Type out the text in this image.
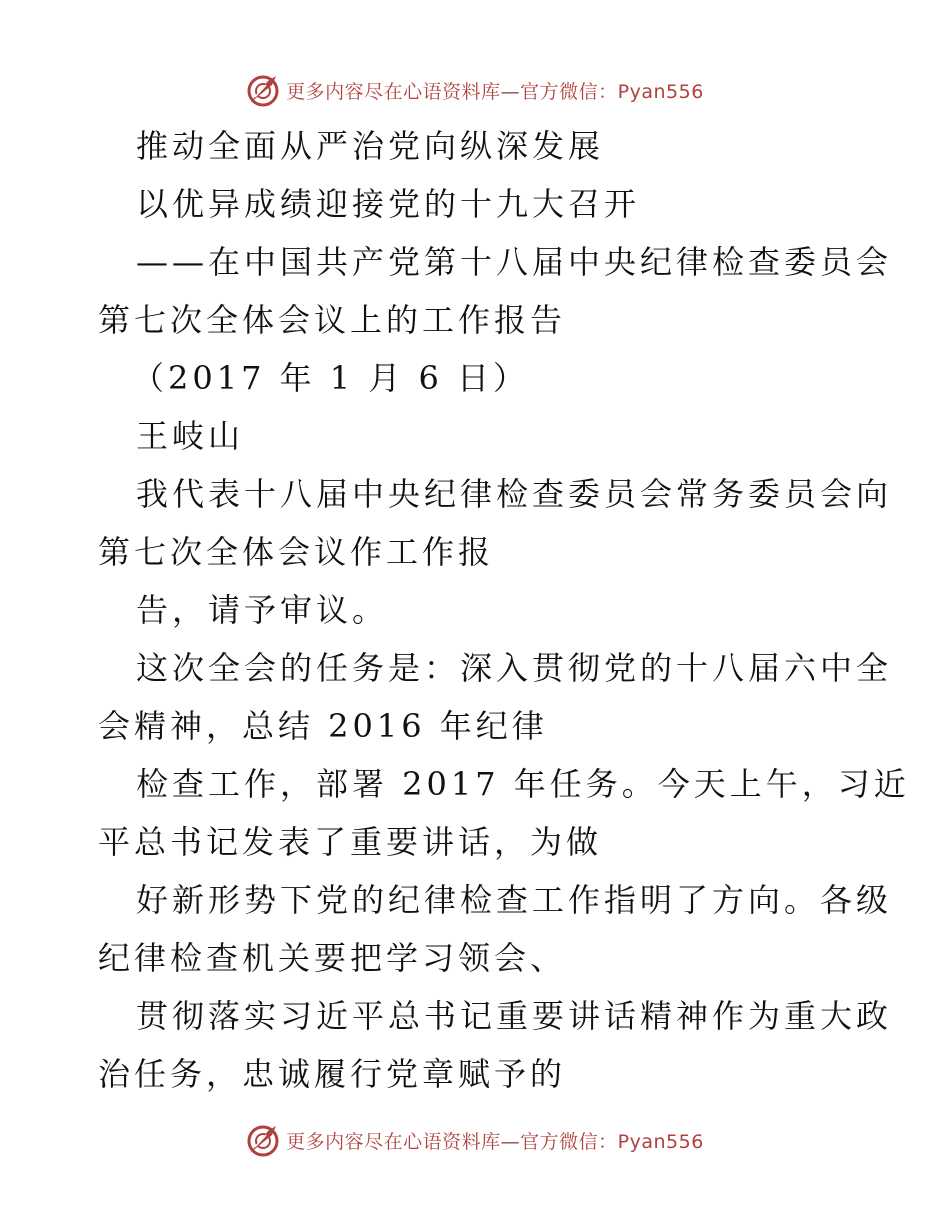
更多内容尽在心语资料库—官方微信：Pyan556
推动全面从严治党向纵深发展
以优异成绩迎接党的十九大召开
——在中国共产党第十八届中央纪律检查委员会
第七次全体会议上的工作报告
（2017 年 1 月 6 日）
王岐山
我代表十八届中央纪律检查委员会常务委员会向
第七次全体会议作工作报
告，请予审议。
这次全会的任务是：深入贯彻党的十八届六中全
会精神，总结 2016 年纪律
检查工作，部署 2017 年任务。今天上午，习近
平总书记发表了重要讲话，为做
好新形势下党的纪律检查工作指明了方向。各级
纪律检查机关要把学习领会、
贯彻落实习近平总书记重要讲话精神作为重大政
治任务，忠诚履行党章赋予的
更多内容尽在心语资料库—官方微信：Pyan556
